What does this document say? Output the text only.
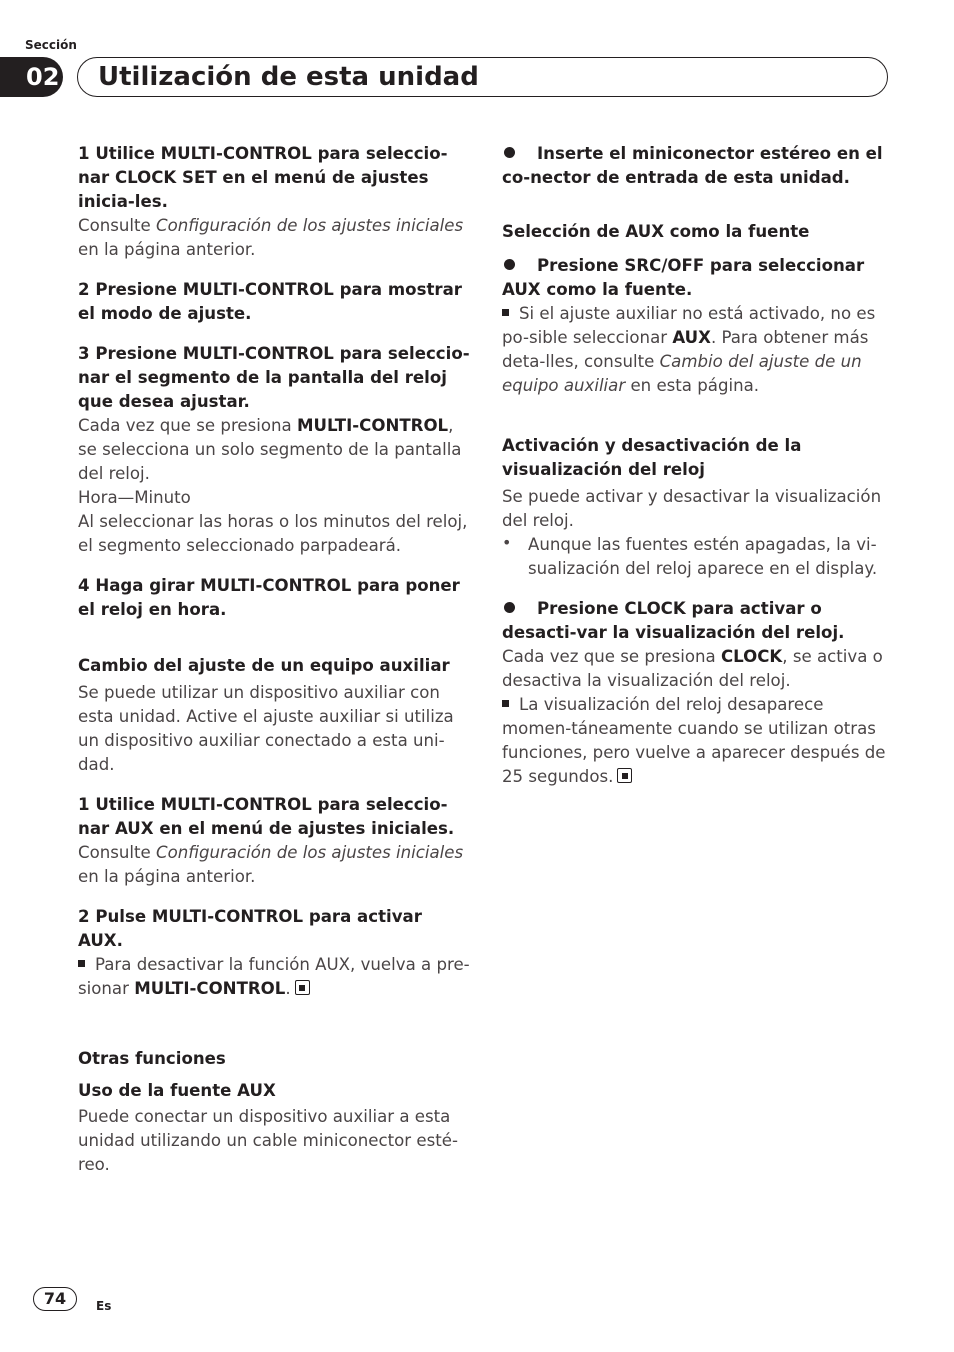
Sección
02 Utilización de esta unidad

1 Utilice MULTI-CONTROL para seleccio-nar CLOCK SET en el menú de ajustes inicia-les.

Consulte Configuración de los ajustes iniciales en la página anterior.

2 Presione MULTI-CONTROL para mostrar el modo de ajuste.

3 Presione MULTI-CONTROL para seleccio-nar el segmento de la pantalla del reloj que desea ajustar.

Cada vez que se presiona MULTI-CONTROL, se selecciona un solo segmento de la pantalla del reloj.

Hora—Minuto

Al seleccionar las horas o los minutos del reloj, el segmento seleccionado parpadeará.

4 Haga girar MULTI-CONTROL para poner el reloj en hora.

Cambio del ajuste de un equipo auxiliar

Se puede utilizar un dispositivo auxiliar con esta unidad. Active el ajuste auxiliar si utiliza un dispositivo auxiliar conectado a esta uni-dad.

1 Utilice MULTI-CONTROL para seleccio-nar AUX en el menú de ajustes iniciales.

Consulte Configuración de los ajustes iniciales en la página anterior.

2 Pulse MULTI-CONTROL para activar AUX.

Para desactivar la función AUX, vuelva a pre-sionar MULTI-CONTROL.

Otras funciones

Uso de la fuente AUX

Puede conectar un dispositivo auxiliar a esta unidad utilizando un cable miniconector esté-reo.

Inserte el miniconector estéreo en el co-nector de entrada de esta unidad.

Selección de AUX como la fuente

Presione SRC/OFF para seleccionar AUX como la fuente.

Si el ajuste auxiliar no está activado, no es po-sible seleccionar AUX. Para obtener más deta-lles, consulte Cambio del ajuste de un equipo auxiliar en esta página.

Activación y desactivación de la visualización del reloj

Se puede activar y desactivar la visualización del reloj.

• Aunque las fuentes estén apagadas, la vi-sualización del reloj aparece en el display.

Presione CLOCK para activar o desacti-var la visualización del reloj.

Cada vez que se presiona CLOCK, se activa o desactiva la visualización del reloj.

La visualización del reloj desaparece momen-táneamente cuando se utilizan otras funciones, pero vuelve a aparecer después de 25 segundos.

74	Es
